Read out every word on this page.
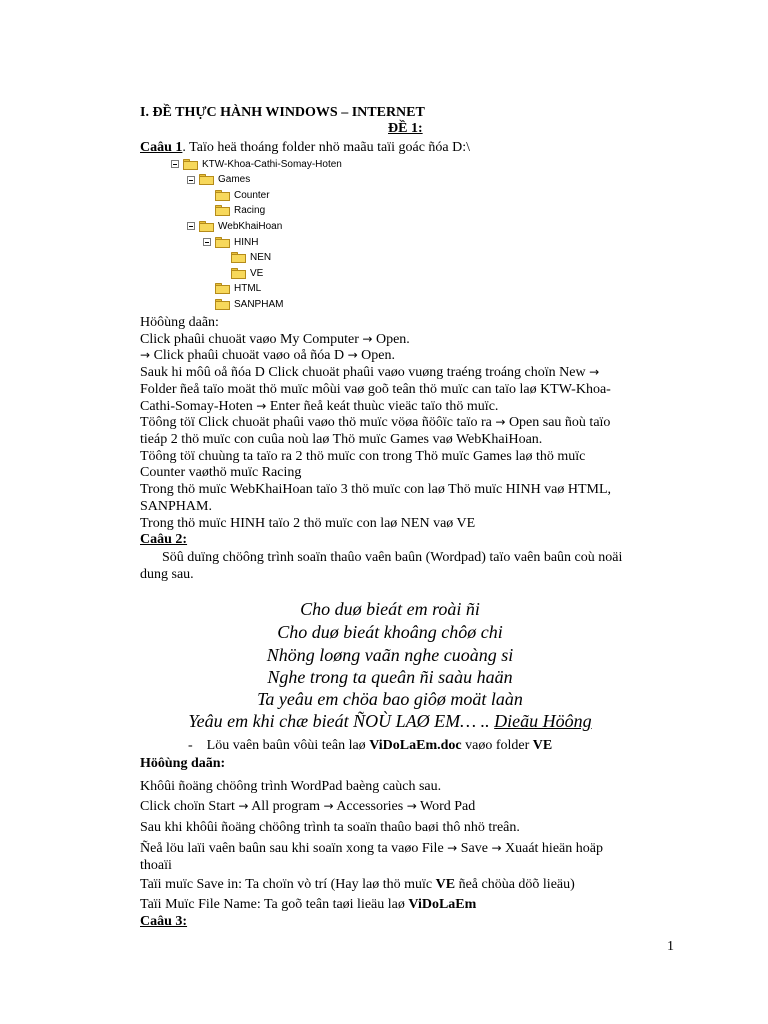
I. ĐỀ THỰC HÀNH WINDOWS – INTERNET
ĐỀ 1:
Caâu 1. Taïo heä thoáng folder nhö maãu taïi goác ñóa D:\
KTW-Khoa-Cathi-Somay-Hoten
Games
Counter
Racing
WebKhaiHoan
HINH
NEN
VE
HTML
SANPHAM
Höôùng daãn:
Click phaûi chuoät vaøo My Computer → Open.
→ Click phaûi chuoät vaøo oå ñóa D → Open.
Sauk hi môû oå ñóa D Click chuoät phaûi vaøo vuøng traéng troáng choïn New →
Folder ñeå taïo moät thö muïc môùi vaø goõ teân thö muïc can taïo laø KTW-Khoa-
Cathi-Somay-Hoten → Enter ñeå keát thuùc vieäc taïo thö muïc.
Töông töï Click chuoät phaûi vaøo thö muïc vöøa ñöôïc taïo ra → Open sau ñoù taïo
tieáp 2 thö muïc con cuûa noù laø Thö muïc Games vaø WebKhaiHoan.
Töông töï chuùng ta taïo ra 2 thö muïc con trong Thö muïc Games laø thö muïc
Counter vaøthö muïc Racing
Trong thö muïc WebKhaiHoan taïo 3 thö muïc con laø Thö muïc HINH vaø HTML,
SANPHAM.
Trong thö muïc HINH taïo 2 thö muïc con laø NEN vaø VE
Caâu 2:
Söû duïng chöông trình soaïn thaûo vaên baûn (Wordpad) taïo vaên baûn coù noäi
dung sau.
Cho duø bieát em roài ñi
Cho duø bieát khoâng chôø chi
Nhöng loøng vaãn nghe cuoàng si
Nghe trong ta queân ñi saàu haän
Ta yeâu em chöa bao giôø moät laàn
Yeâu em khi chæ bieát ÑOÙ LAØ EM… .. Dieãu Höông
- Löu vaên baûn vôùi teân laø ViDoLaEm.doc vaøo folder VE
Höôùng daãn:
Khôûi ñoäng chöông trình WordPad baèng caùch sau.
Click choïn Start → All program → Accessories → Word Pad
Sau khi khôûi ñoäng chöông trình ta soaïn thaûo baøi thô nhö treân.
Ñeå löu laïi vaên baûn sau khi soaïn xong ta vaøo File → Save → Xuaát hieän hoäp
thoaïi
Taïi muïc Save in: Ta choïn vò trí (Hay laø thö muïc VE ñeå chöùa döõ lieäu)
Taïi Muïc File Name: Ta goõ teân taøi lieäu laø ViDoLaEm
Caâu 3:
1
